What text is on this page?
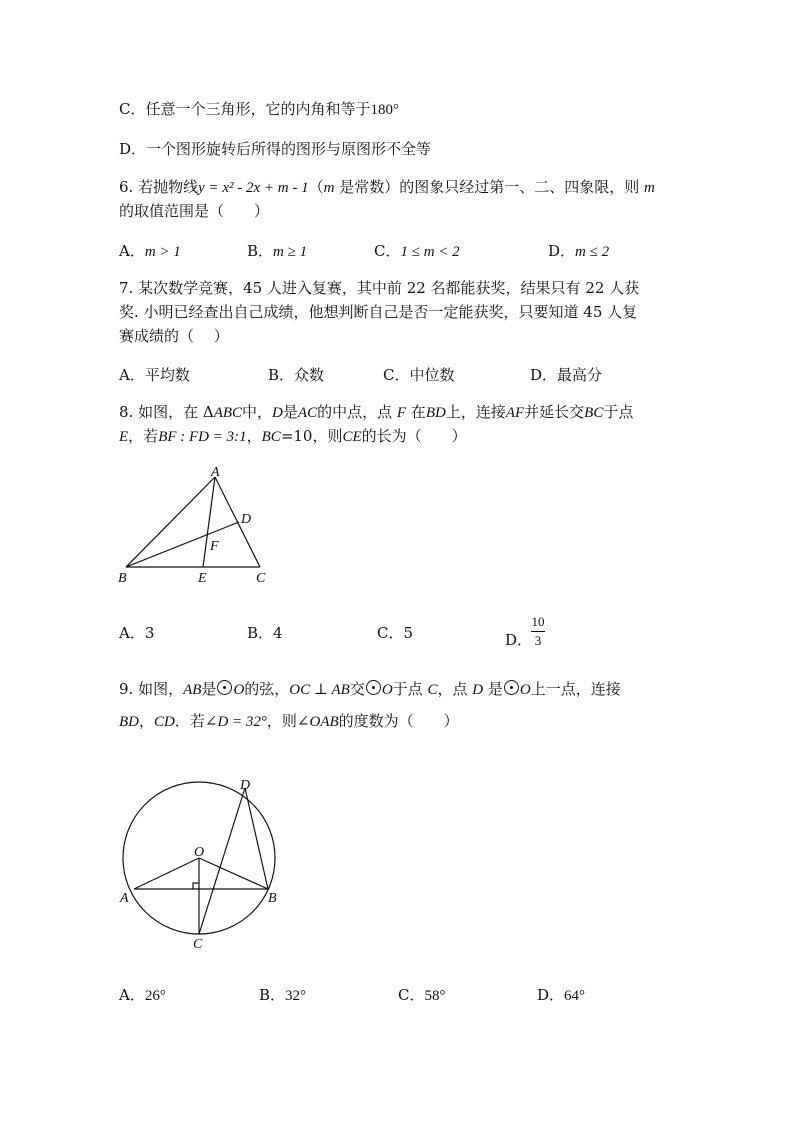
C．任意一个三角形，它的内角和等于180°
D．一个图形旋转后所得的图形与原图形不全等
6. 若抛物线y = x² - 2x + m - 1（m 是常数）的图象只经过第一、二、四象限，则 m
的取值范围是（　　）
A．m > 1	B．m ≥ 1	C．1 ≤ m < 2	D．m ≤ 2
7. 某次数学竞赛，45 人进入复赛，其中前 22 名都能获奖，结果只有 22 人获
奖. 小明已经查出自己成绩，他想判断自己是否一定能获奖，只要知道 45 人复
赛成绩的（　 ）
A．平均数	B．众数	C．中位数	D．最高分
8. 如图，在 ΔABC中，D是AC的中点，点 F 在BD上，连接AF并延长交BC于点
E，若BF : FD = 3:1，BC=10，则CE的长为（　　）
A
D
F
B	E	C
A．3	B．4	C．5	D．
10
3
9. 如图，AB是 O的弦，OC ⊥ AB交 O于点 C，点 D 是 O上一点，连接
BD，CD．若∠D = 32°，则∠OAB的度数为（　　）
D
O
A	B
C
A．26°	B．32°	C．58°	D．64°
